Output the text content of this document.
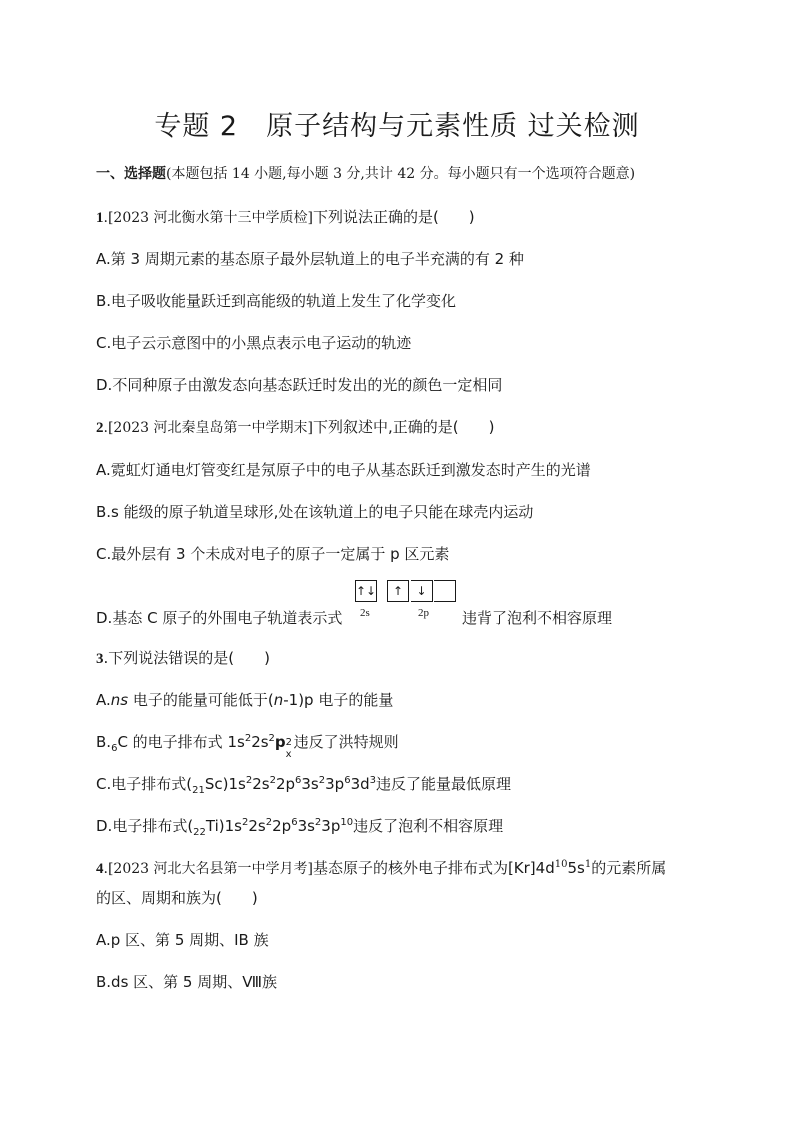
专题 2　原子结构与元素性质 过关检测
一、选择题(本题包括 14 小题,每小题 3 分,共计 42 分。每小题只有一个选项符合题意)
1.[2023 河北衡水第十三中学质检]下列说法正确的是(　　)
A.第 3 周期元素的基态原子最外层轨道上的电子半充满的有 2 种
B.电子吸收能量跃迁到高能级的轨道上发生了化学变化
C.电子云示意图中的小黑点表示电子运动的轨迹
D.不同种原子由激发态向基态跃迁时发出的光的颜色一定相同
2.[2023 河北秦皇岛第一中学期末]下列叙述中,正确的是(　　)
A.霓虹灯通电灯管变红是氖原子中的电子从基态跃迁到激发态时产生的光谱
B.s 能级的原子轨道呈球形,处在该轨道上的电子只能在球壳内运动
C.最外层有 3 个未成对电子的原子一定属于 p 区元素
D.基态 C 原子的外围电子轨道表示式	违背了泡利不相容原理
↑↓	↑	↓
2s	2p
3.下列说法错误的是(　　)
A.ns 电子的能量可能低于(n-1)p 电子的能量
$B._6C$ 的电子排布式 $1s^22s^2p$ 2
x
违反了洪特规则
C.电子排布式$(_{21}Sc)1s^22s^22p^63s^23p^63d^3$违反了能量最低原理
D.电子排布式$(_{22}Ti)1s^22s^22p^63s^23p^{10}$违反了泡利不相容原理
4.[2023 河北大名县第一中学月考]基态原子的核外电子排布式为$[Kr]4d^{10}5s^1$的元素所属
的区、周期和族为(　　)
A.p 区、第 5 周期、ⅠB 族
B.ds 区、第 5 周期、Ⅷ族
